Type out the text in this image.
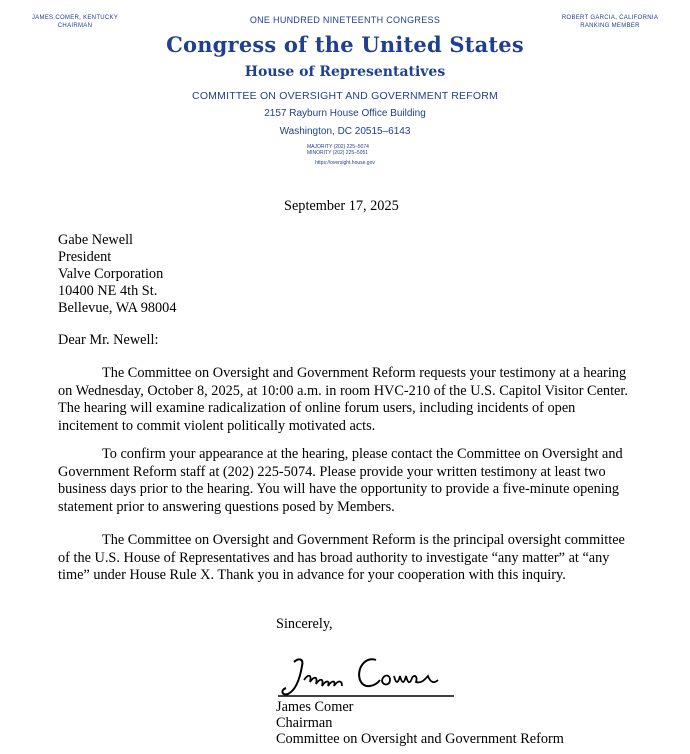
JAMES COMER, KENTUCKY
CHAIRMAN
ROBERT GARCIA, CALIFORNIA
RANKING MEMBER
ONE HUNDRED NINETEENTH CONGRESS
Congress of the United States
House of Representatives
COMMITTEE ON OVERSIGHT AND GOVERNMENT REFORM
2157 Rayburn House Office Building
Washington, DC 20515–6143
MAJORITY (202) 225–5074
MINORITY (202) 225–5051
https://oversight.house.gov
September 17, 2025
Gabe Newell
President
Valve Corporation
10400 NE 4th St.
Bellevue, WA 98004
Dear Mr. Newell:

The Committee on Oversight and Government Reform requests your testimony at a hearing on Wednesday, October 8, 2025, at 10:00 a.m. in room HVC-210 of the U.S. Capitol Visitor Center. The hearing will examine radicalization of online forum users, including incidents of open incitement to commit violent politically motivated acts.

To confirm your appearance at the hearing, please contact the Committee on Oversight and Government Reform staff at (202) 225-5074. Please provide your written testimony at least two business days prior to the hearing. You will have the opportunity to provide a five-minute opening statement prior to answering questions posed by Members.

The Committee on Oversight and Government Reform is the principal oversight committee of the U.S. House of Representatives and has broad authority to investigate “any matter” at “any time” under House Rule X. Thank you in advance for your cooperation with this inquiry.

Sincerely,
James Comer
Chairman
Committee on Oversight and Government Reform
